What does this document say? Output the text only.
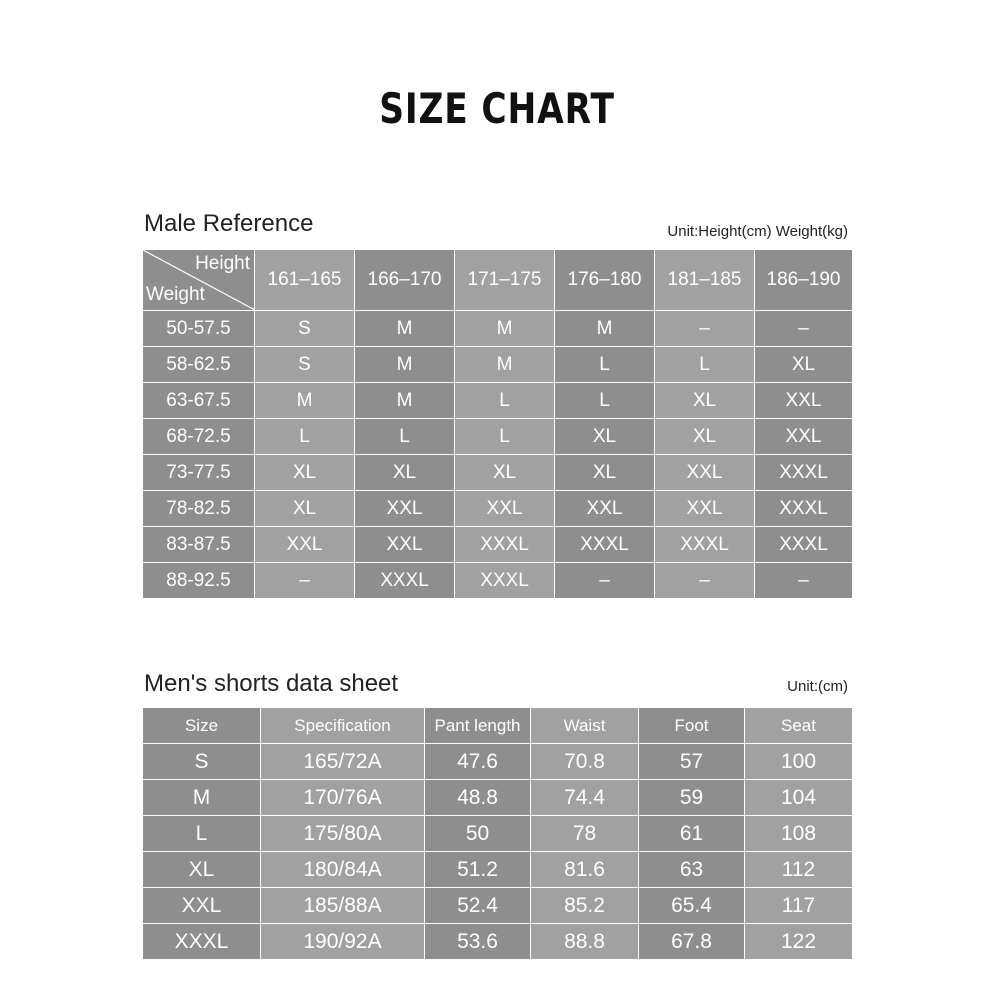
SIZE CHART
Male Reference	Unit:Height(cm) Weight(kg)
Height
Weight	161–165	166–170	171–175	176–180	181–185	186–190
50-57.5	S	M	M	M	–	–
58-62.5	S	M	M	L	L	XL
63-67.5	M	M	L	L	XL	XXL
68-72.5	L	L	L	XL	XL	XXL
73-77.5	XL	XL	XL	XL	XXL	XXXL
78-82.5	XL	XXL	XXL	XXL	XXL	XXXL
83-87.5	XXL	XXL	XXXL	XXXL	XXXL	XXXL
88-92.5	–	XXXL	XXXL	–	–	–
Men's shorts data sheet	Unit:(cm)
Size	Specification	Pant length	Waist	Foot	Seat
S	165/72A	47.6	70.8	57	100
M	170/76A	48.8	74.4	59	104
L	175/80A	50	78	61	108
XL	180/84A	51.2	81.6	63	112
XXL	185/88A	52.4	85.2	65.4	117
XXXL	190/92A	53.6	88.8	67.8	122
